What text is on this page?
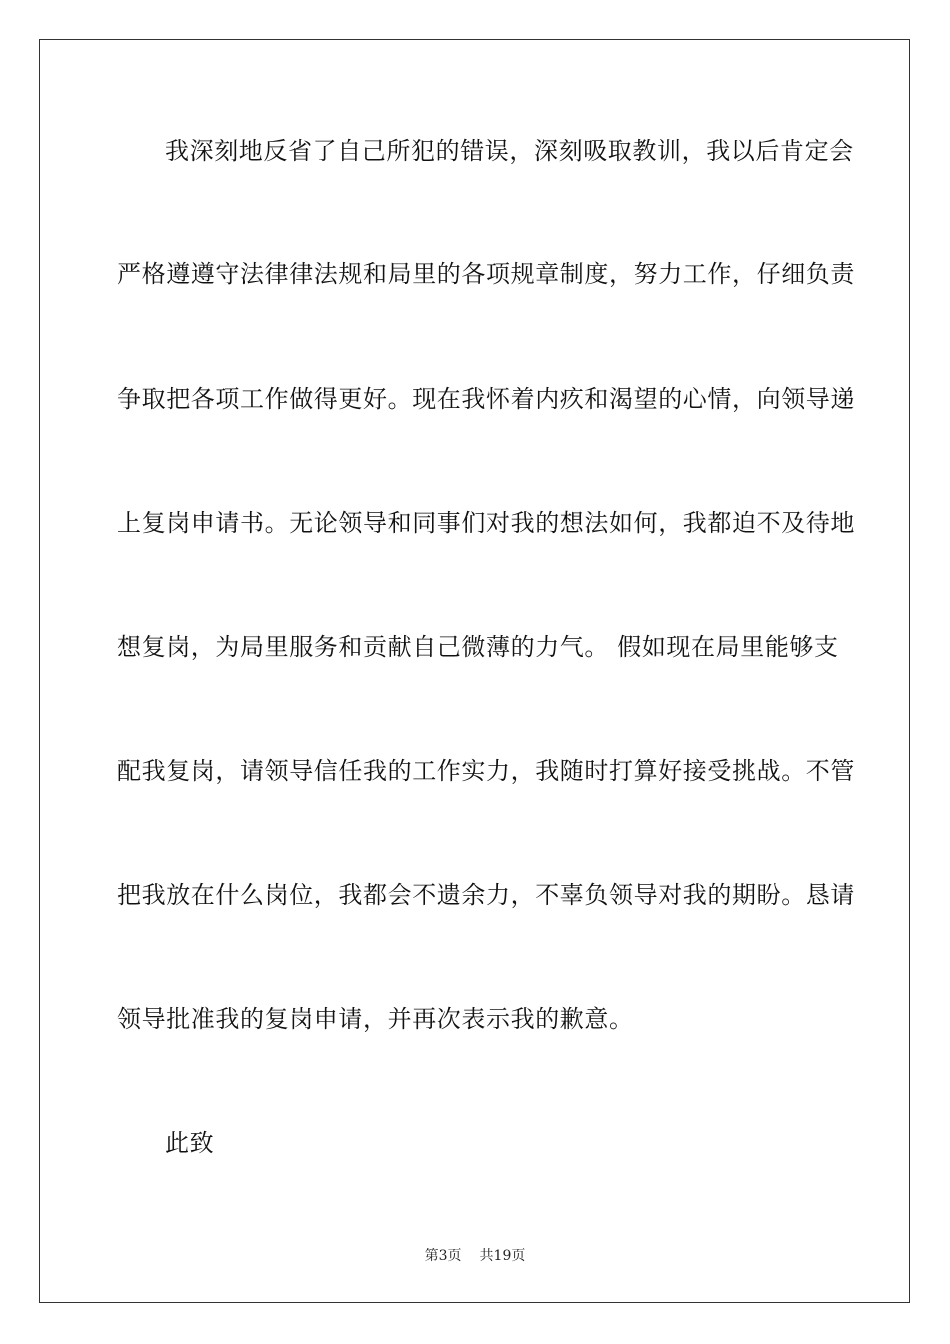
我深刻地反省了自己所犯的错误，深刻吸取教训，我以后肯定会
严格遵遵守法律律法规和局里的各项规章制度，努力工作，仔细负责
争取把各项工作做得更好。现在我怀着内疚和渴望的心情，向领导递
上复岗申请书。无论领导和同事们对我的想法如何，我都迫不及待地
想复岗，为局里服务和贡献自己微薄的力气。 假如现在局里能够支
配我复岗，请领导信任我的工作实力，我随时打算好接受挑战。不管
把我放在什么岗位，我都会不遗余力，不辜负领导对我的期盼。恳请
领导批准我的复岗申请，并再次表示我的歉意。
此致
第3页 共19页
